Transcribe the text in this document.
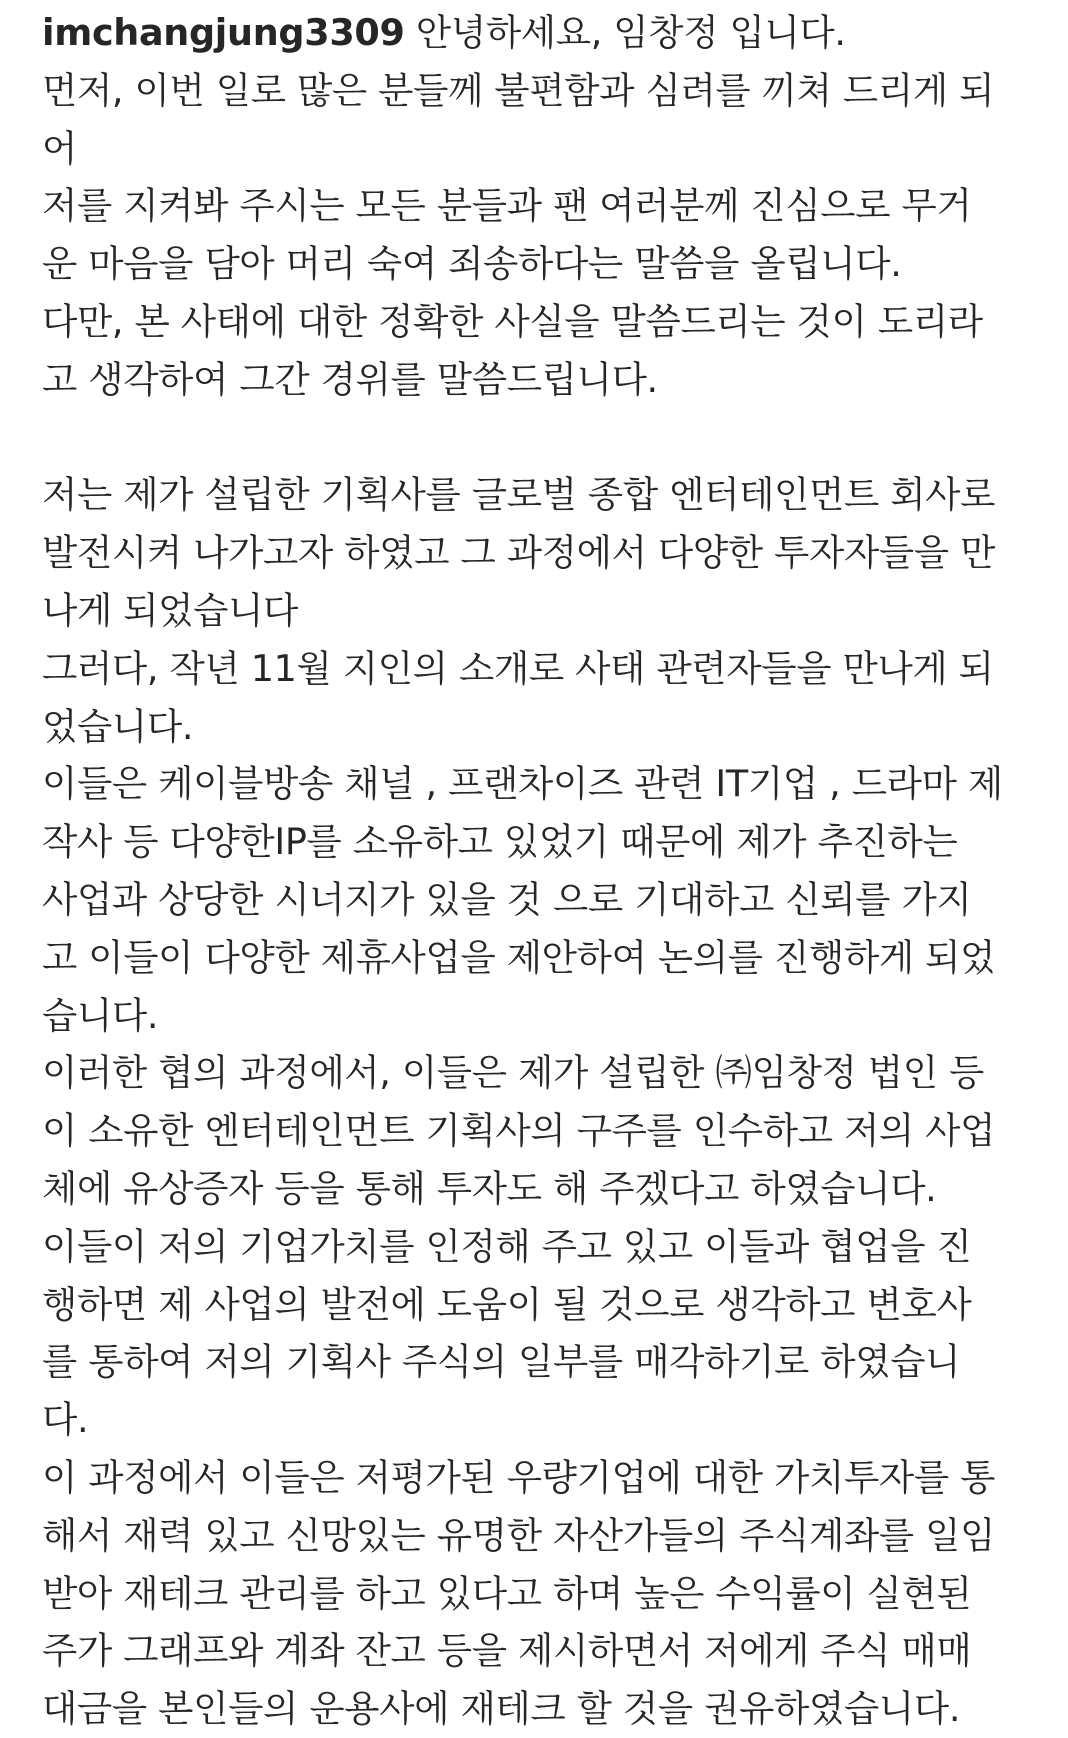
imchangjung3309 안녕하세요, 임창정 입니다.
먼저, 이번 일로 많은 분들께 불편함과 심려를 끼쳐 드리게 되
어
저를 지켜봐 주시는 모든 분들과 팬 여러분께 진심으로 무거
운 마음을 담아 머리 숙여 죄송하다는 말씀을 올립니다.
다만, 본 사태에 대한 정확한 사실을 말씀드리는 것이 도리라
고 생각하여 그간 경위를 말씀드립니다.
저는 제가 설립한 기획사를 글로벌 종합 엔터테인먼트 회사로
발전시켜 나가고자 하였고 그 과정에서 다양한 투자자들을 만
나게 되었습니다
그러다, 작년 11월 지인의 소개로 사태 관련자들을 만나게 되
었습니다.
이들은 케이블방송 채널 , 프랜차이즈 관련 IT기업 , 드라마 제
작사 등 다양한IP를 소유하고 있었기 때문에 제가 추진하는
사업과 상당한 시너지가 있을 것 으로 기대하고 신뢰를 가지
고 이들이 다양한 제휴사업을 제안하여 논의를 진행하게 되었
습니다.
이러한 협의 과정에서, 이들은 제가 설립한 ㈜임창정 법인 등
이 소유한 엔터테인먼트 기획사의 구주를 인수하고 저의 사업
체에 유상증자 등을 통해 투자도 해 주겠다고 하였습니다.
이들이 저의 기업가치를 인정해 주고 있고 이들과 협업을 진
행하면 제 사업의 발전에 도움이 될 것으로 생각하고 변호사
를 통하여 저의 기획사 주식의 일부를 매각하기로 하였습니
다.
이 과정에서 이들은 저평가된 우량기업에 대한 가치투자를 통
해서 재력 있고 신망있는 유명한 자산가들의 주식계좌를 일임
받아 재테크 관리를 하고 있다고 하며 높은 수익률이 실현된
주가 그래프와 계좌 잔고 등을 제시하면서 저에게 주식 매매
대금을 본인들의 운용사에 재테크 할 것을 권유하였습니다.
